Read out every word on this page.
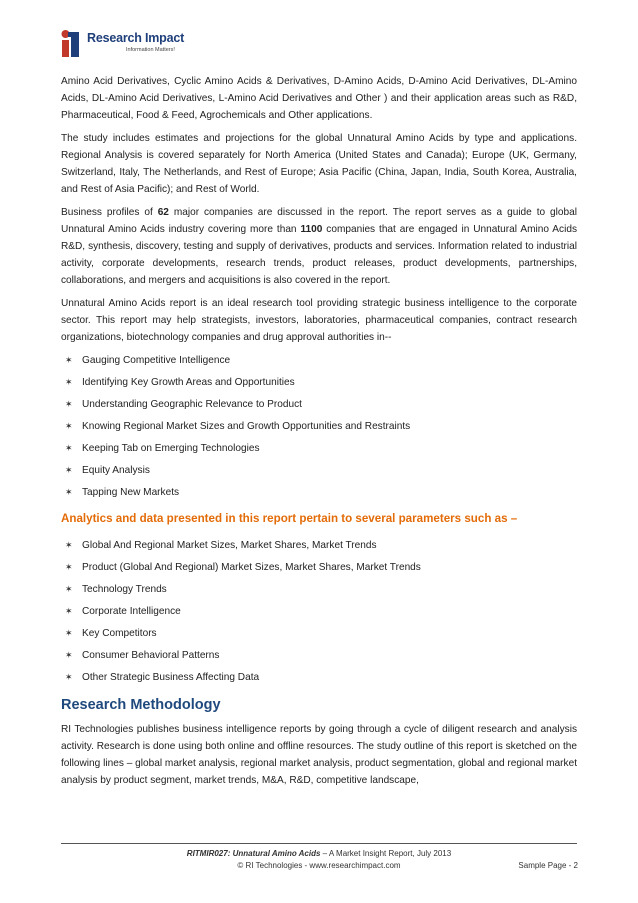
Research Impact
Information Matters!

Amino Acid Derivatives, Cyclic Amino Acids & Derivatives, D-Amino Acids, D-Amino Acid Derivatives, DL-Amino Acids, DL-Amino Acid Derivatives, L-Amino Acid Derivatives and Other ) and their application areas such as R&D, Pharmaceutical, Food & Feed, Agrochemicals and Other applications.

The study includes estimates and projections for the global Unnatural Amino Acids by type and applications. Regional Analysis is covered separately for North America (United States and Canada); Europe (UK, Germany, Switzerland, Italy, The Netherlands, and Rest of Europe; Asia Pacific (China, Japan, India, South Korea, Australia, and Rest of Asia Pacific); and Rest of World.

Business profiles of 62 major companies are discussed in the report. The report serves as a guide to global Unnatural Amino Acids industry covering more than 1100 companies that are engaged in Unnatural Amino Acids R&D, synthesis, discovery, testing and supply of derivatives, products and services. Information related to industrial activity, corporate developments, research trends, product releases, product developments, partnerships, collaborations, and mergers and acquisitions is also covered in the report.

Unnatural Amino Acids report is an ideal research tool providing strategic business intelligence to the corporate sector. This report may help strategists, investors, laboratories, pharmaceutical companies, contract research organizations, biotechnology companies and drug approval authorities in--

✶ Gauging Competitive Intelligence
✶ Identifying Key Growth Areas and Opportunities
✶ Understanding Geographic Relevance to Product
✶ Knowing Regional Market Sizes and Growth Opportunities and Restraints
✶ Keeping Tab on Emerging Technologies
✶ Equity Analysis
✶ Tapping New Markets
Analytics and data presented in this report pertain to several parameters such as –
✶ Global And Regional Market Sizes, Market Shares, Market Trends
✶ Product (Global And Regional) Market Sizes, Market Shares, Market Trends
✶ Technology Trends
✶ Corporate Intelligence
✶ Key Competitors
✶ Consumer Behavioral Patterns
✶ Other Strategic Business Affecting Data
Research Methodology

RI Technologies publishes business intelligence reports by going through a cycle of diligent research and analysis activity. Research is done using both online and offline resources. The study outline of this report is sketched on the following lines – global market analysis, regional market analysis, product segmentation, global and regional market analysis by product segment, market trends, M&A, R&D, competitive landscape,

RITMIR027: Unnatural Amino Acids – A Market Insight Report, July 2013
© RI Technologies - www.researchimpact.com	Sample Page - 2
